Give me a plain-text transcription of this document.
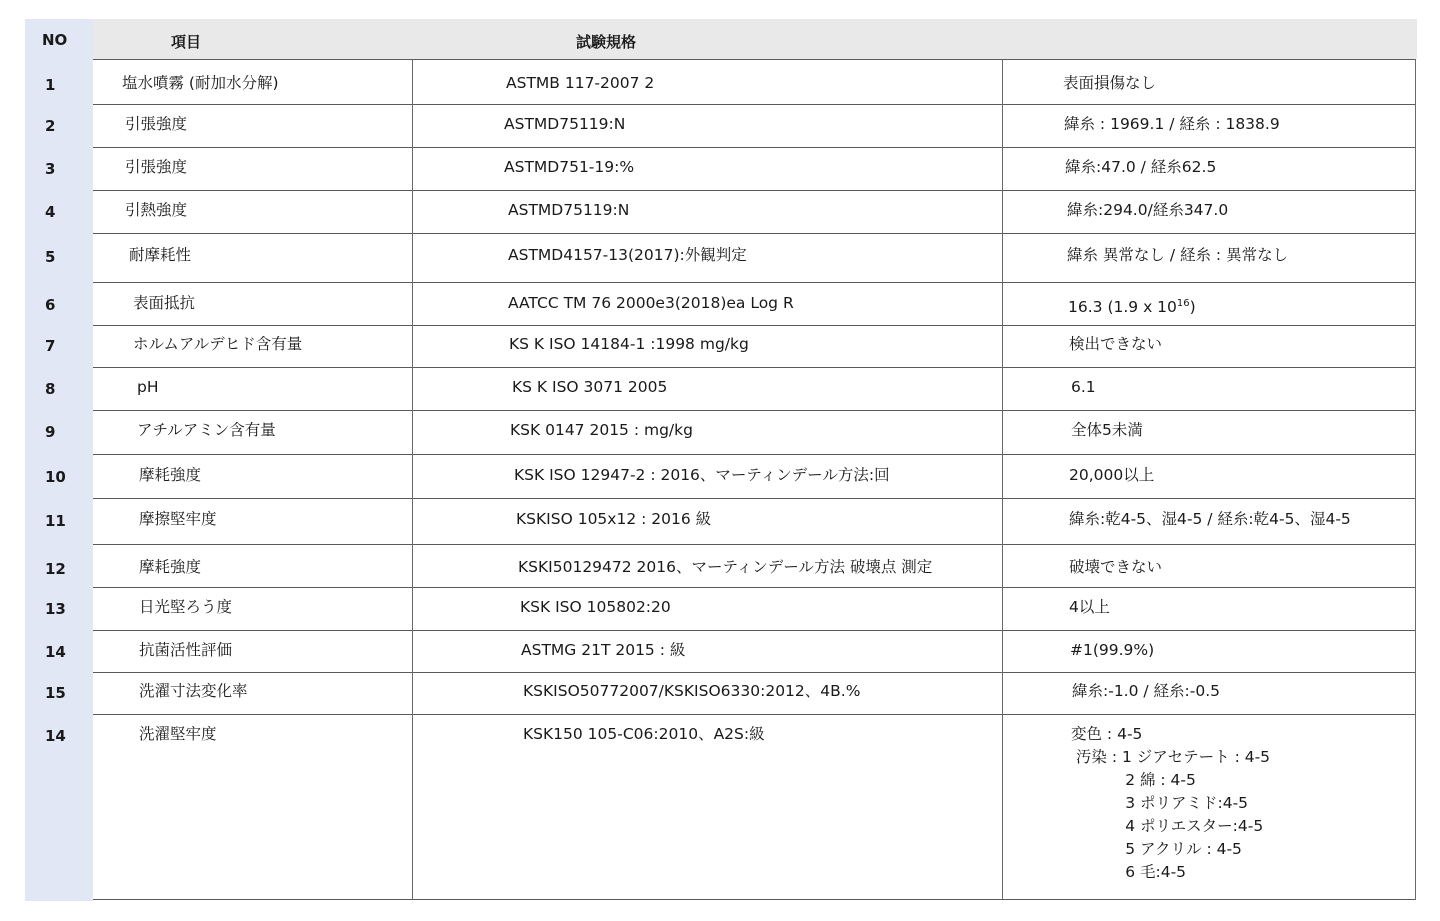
NO	項目	試験規格
1	塩水噴霧 (耐加水分解)	ASTMB 117-2007 2	表面損傷なし
2	引張強度	ASTMD75119:N	緯糸 : 1969.1 / 経糸 : 1838.9
3	引張強度	ASTMD751-19:%	緯糸:47.0 / 経糸62.5
4	引熱強度	ASTMD75119:N	緯糸:294.0/経糸347.0
5	耐摩耗性	ASTMD4157-13(2017):外観判定	緯糸 異常なし / 経糸 : 異常なし
6	表面抵抗	AATCC TM 76 2000e3(2018)ea Log R	16.3 (1.9 x $10^{16}$)
7	ホルムアルデヒド含有量	KS K ISO 14184-1 :1998 mg/kg	検出できない
8	pH	KS K ISO 3071 2005	6.1
9	アチルアミン含有量	KSK 0147 2015 : mg/kg	全体5未満
10	摩耗強度	KSK ISO 12947-2 : 2016、マーティンデール方法:回	20,000以上
11	摩擦堅牢度	KSKISO 105x12 : 2016 級	緯糸:乾4-5、湿4-5 / 経糸:乾4-5、湿4-5
12	摩耗強度	KSKI50129472 2016、マーティンデール方法 破壊点 測定	破壊できない
13	日光堅ろう度	KSK ISO 105802:20	4以上
14	抗菌活性評価	ASTMG 21T 2015 : 級	#1(99.9%)
15	洗濯寸法変化率	KSKISO50772007/KSKISO6330:2012、4B.%	緯糸:-1.0 / 経糸:-0.5
14	洗濯堅牢度	KSK150 105-C06:2010、A2S:級	変色 : 4-5
汚染 : 1 ジアセテート : 4-5
2 綿 : 4-5
3 ポリアミド:4-5
4 ポリエスター:4-5
5 アクリル : 4-5
6 毛:4-5
